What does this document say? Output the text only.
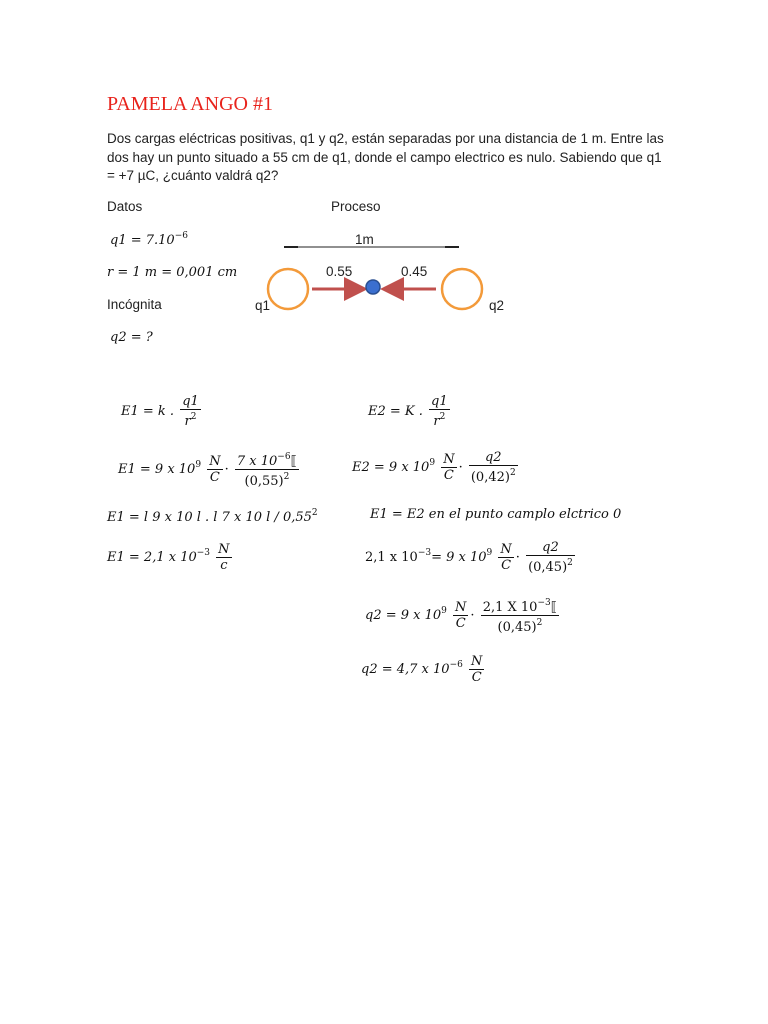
PAMELA ANGO #1
Dos cargas eléctricas positivas, q1 y q2, están separadas por una distancia de 1 m. Entre las dos hay un punto situado a 55 cm de q1, donde el campo electrico es nulo. Sabiendo que q1 = +7 µC, ¿cuánto valdrá q2?
Datos	Proceso
$q1 = 7.10^{-6}$
r = 1 m = 0,001 cm
Incógnita
q2 = ?
1m
0.55	0.45
q1	q2
E1 = k . $\frac{q1}{r^2}$
E1 = 9 x $10^9 \frac{N}{C} \cdot \frac{7 x 10^{-6}⟦}{(0,55)^2}$
E1 = l 9 x 10 l . l 7 x 10 l / 0,55$^2$
E1 = 2,1 x $10^{-3} \frac{N}{c}$
E2 = K . $\frac{q1}{r^2}$
E2 = 9 x $10^9 \frac{N}{C} \cdot \frac{q2}{(0,42)^2}$
E1 = E2 en el punto camplo elctrico 0
2,1 x $10^{-3}= 9$ x $10^9 \frac{N}{C} \cdot \frac{q2}{(0,45)^2}$
q2 = 9 x $10^9 \frac{N}{C} \cdot \frac{2,1 X 10^{-3}⟦}{(0,45)^2}$
q2 = 4,7 x $10^{-6} \frac{N}{C}$
